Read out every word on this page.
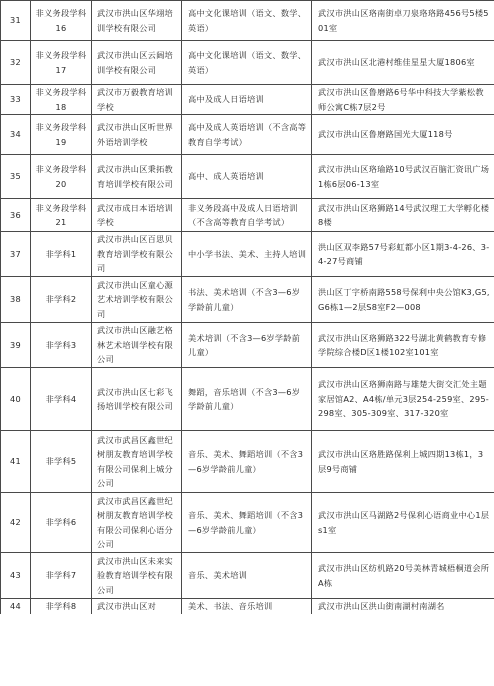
31	非义务段学科16	武汉市洪山区华翊培训学校有限公司	高中文化课培训（语文、数学、英语）	武汉市洪山区珞南街卓刀泉珞珞路456号5楼501室
32	非义务段学科17	武汉市洪山区云阔培训学校有限公司	高中文化课培训（语文、数学、英语）	武汉市洪山区北港村维佳星星大厦1806室
33	非义务段学科18	武汉市万毅教育培训学校	高中及成人日语培训	武汉市洪山区鲁磨路6号华中科技大学紫松教师公寓C栋7层2号
34	非义务段学科19	武汉市洪山区听世界外语培训学校	高中及成人英语培训（不含高等教育自学考试）	武汉市洪山区鲁磨路国光大厦118号
35	非义务段学科20	武汉市洪山区秉拓教育培训学校有限公司	高中、成人英语培训	武汉市洪山区珞瑜路10号武汉百脑汇资讯广场1栋6层06-13室
36	非义务段学科21	武汉市成日本语培训学校	非义务段高中及成人日语培训（不含高等教育自学考试）	武汉市洪山区珞狮路14号武汉理工大学孵化楼8楼
37	非学科1	武汉市洪山区百思贝教育培训学校有限公司	中小学书法、美术、主持人培训	洪山区双李路57号彩虹都小区1期3-4-26、3-4-27号商铺
38	非学科2	武汉市洪山区童心源艺术培训学校有限公司	书法、美术培训（不含3—6岁学龄前儿童）	洪山区丁字桥南路558号保利中央公馆K3,G5,G6栋1—2层S8室F2—008
39	非学科3	武汉市洪山区融艺格林艺术培训学校有限公司	美术培训（不含3—6岁学龄前儿童）	武汉市洪山区珞狮路322号湖北黄鹤教育专修学院综合楼D区1楼102室101室
40	非学科4	武汉市洪山区七彩飞扬培训学校有限公司	舞蹈，音乐培训（不含3—6岁学龄前儿童）	武汉市洪山区珞狮南路与雄楚大街交汇处主题家居馆A2、A4栋/单元3层254-259室、295-298室、305-309室、317-320室
41	非学科5	武汉市武昌区鑫世纪树朋友教育培训学校有限公司保利上城分公司	音乐、美术、舞蹈培训（不含3—6岁学龄前儿童）	武汉市洪山区珞胜路保利上城四期13栋1，3层9号商铺
42	非学科6	武汉市武昌区鑫世纪树朋友教育培训学校有限公司保利心语分公司	音乐、美术、舞蹈培训（不含3—6岁学龄前儿童）	武汉市洪山区马湖路2号保利心语商业中心1层s1室
43	非学科7	武汉市洪山区未来实验教育培训学校有限公司	音乐、美术培训	武汉市洪山区纺机路20号美林青城梧桐道会所A栋
44	非学科8	武汉市洪山区对	美术、书法、音乐培训	武汉市洪山区洪山街南湖村南湖名
